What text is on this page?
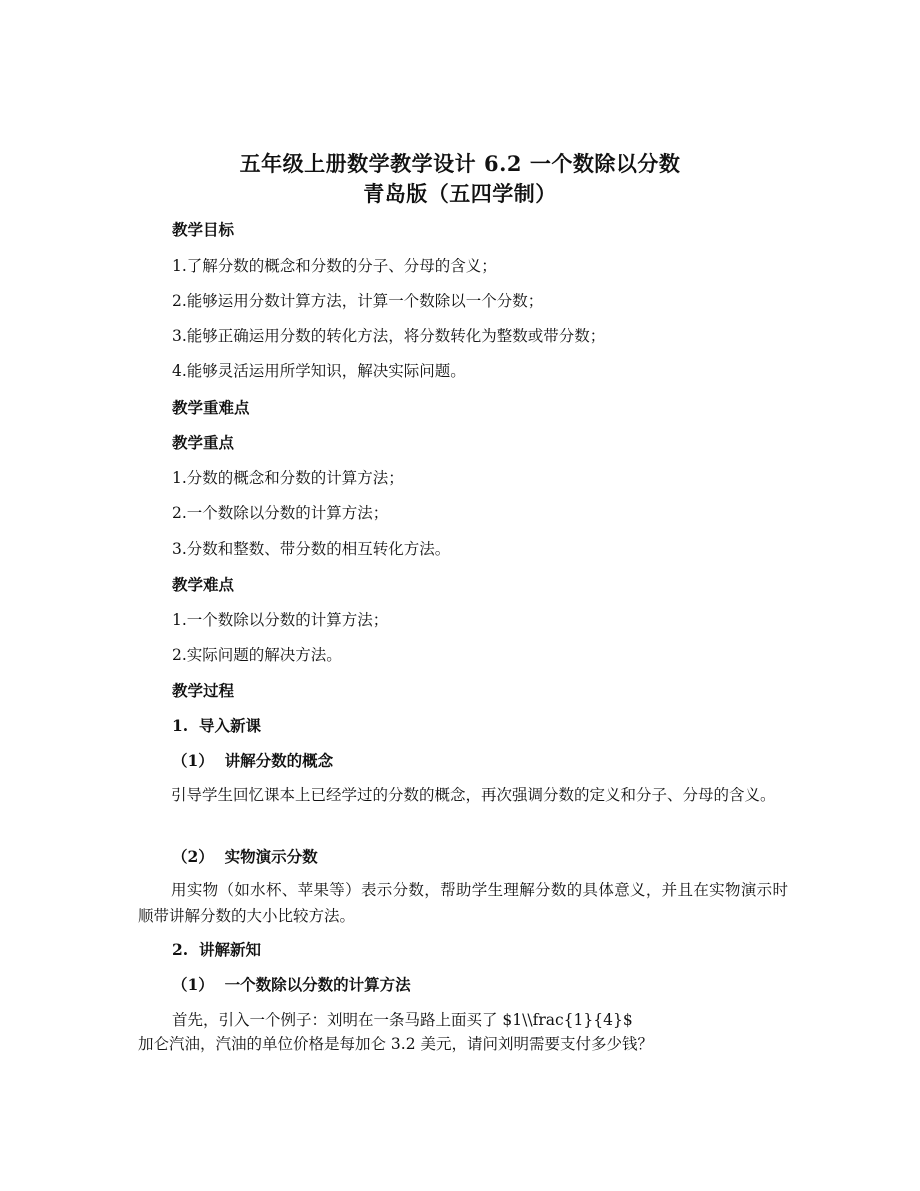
五年级上册数学教学设计 6.2 一个数除以分数
青岛版（五四学制）
教学目标
1.了解分数的概念和分数的分子、分母的含义；
2.能够运用分数计算方法，计算一个数除以一个分数；
3.能够正确运用分数的转化方法，将分数转化为整数或带分数；
4.能够灵活运用所学知识，解决实际问题。
教学重难点
教学重点
1.分数的概念和分数的计算方法；
2.一个数除以分数的计算方法；
3.分数和整数、带分数的相互转化方法。
教学难点
1.一个数除以分数的计算方法；
2.实际问题的解决方法。
教学过程
1.  导入新课
（1）  讲解分数的概念
引导学生回忆课本上已经学过的分数的概念，再次强调分数的定义和分子、分母的含义。
（2）  实物演示分数
用实物（如水杯、苹果等）表示分数，帮助学生理解分数的具体意义，并且在实物演示时顺带讲解分数的大小比较方法。
2.  讲解新知
（1）  一个数除以分数的计算方法
首先，引入一个例子：刘明在一条马路上面买了 $1\\frac{1}{4}$
加仑汽油，汽油的单位价格是每加仑 3.2 美元，请问刘明需要支付多少钱？
